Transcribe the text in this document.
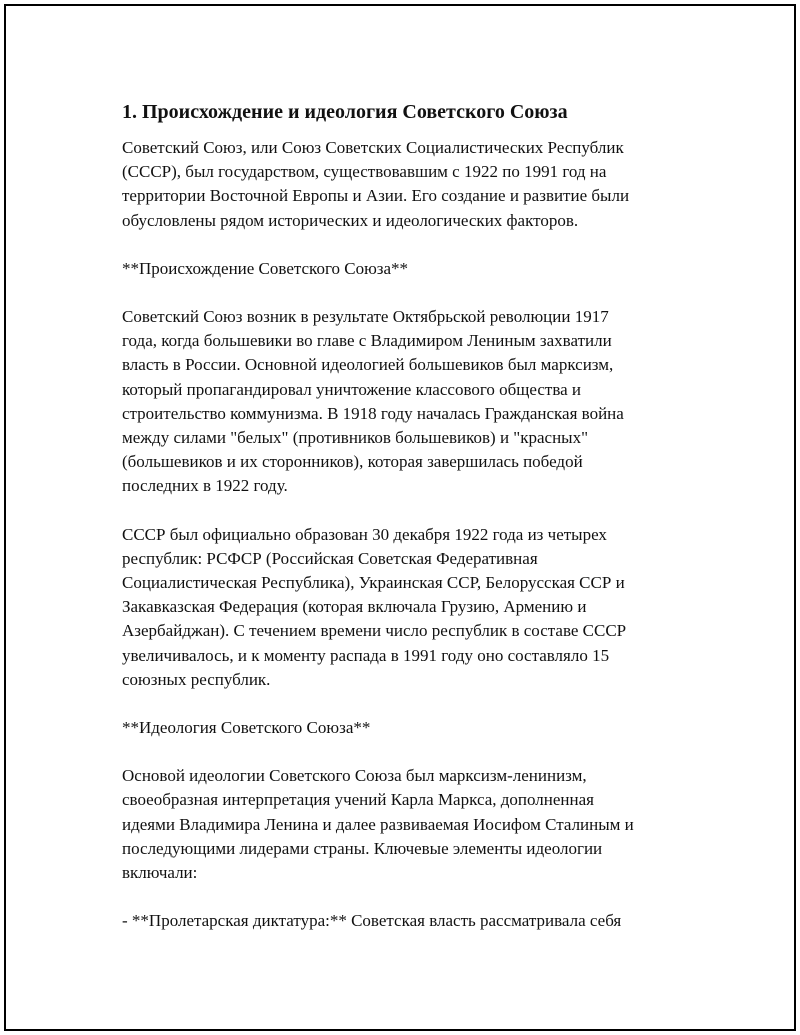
1. Происхождение и идеология Советского Союза

Советский Союз, или Союз Советских Социалистических Республик
(СССР), был государством, существовавшим с 1922 по 1991 год на
территории Восточной Европы и Азии. Его создание и развитие были
обусловлены рядом исторических и идеологических факторов.

**Происхождение Советского Союза**

Советский Союз возник в результате Октябрьской революции 1917
года, когда большевики во главе с Владимиром Лениным захватили
власть в России. Основной идеологией большевиков был марксизм,
который пропагандировал уничтожение классового общества и
строительство коммунизма. В 1918 году началась Гражданская война
между силами "белых" (противников большевиков) и "красных"
(большевиков и их сторонников), которая завершилась победой
последних в 1922 году.

СССР был официально образован 30 декабря 1922 года из четырех
республик: РСФСР (Российская Советская Федеративная
Социалистическая Республика), Украинская ССР, Белорусская ССР и
Закавказская Федерация (которая включала Грузию, Армению и
Азербайджан). С течением времени число республик в составе СССР
увеличивалось, и к моменту распада в 1991 году оно составляло 15
союзных республик.

**Идеология Советского Союза**

Основой идеологии Советского Союза был марксизм-ленинизм,
своеобразная интерпретация учений Карла Маркса, дополненная
идеями Владимира Ленина и далее развиваемая Иосифом Сталиным и
последующими лидерами страны. Ключевые элементы идеологии
включали:

- **Пролетарская диктатура:** Советская власть рассматривала себя
